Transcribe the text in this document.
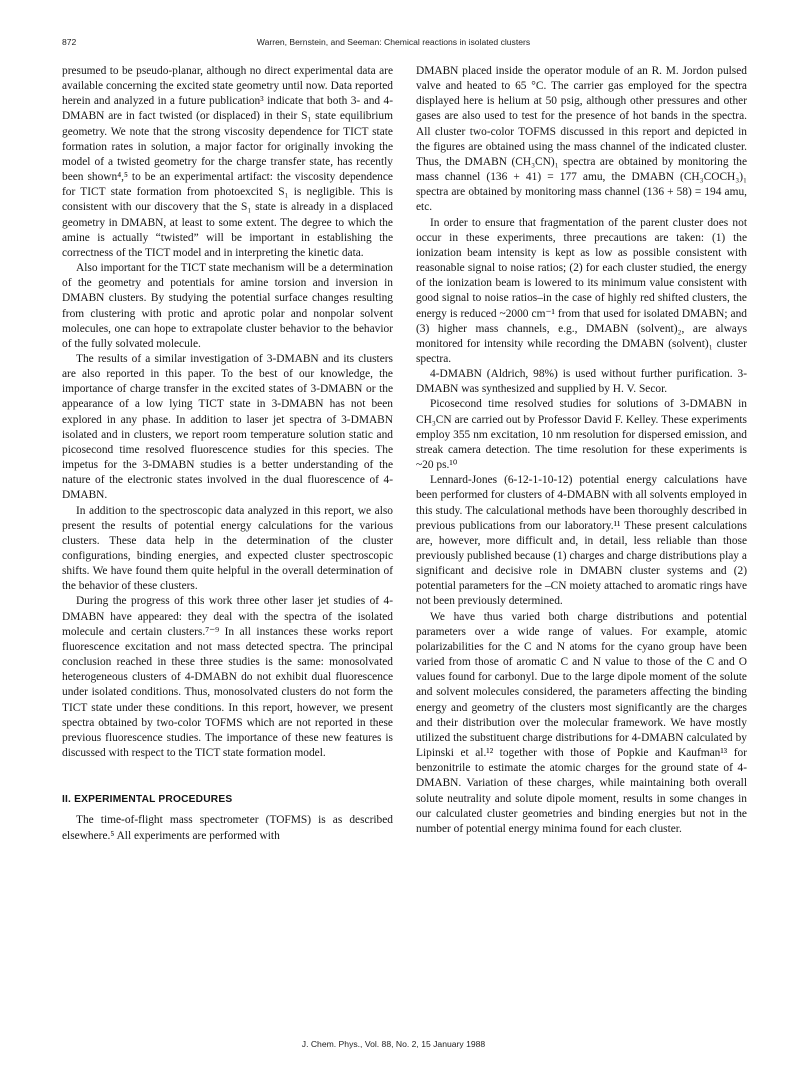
872	Warren, Bernstein, and Seeman: Chemical reactions in isolated clusters

presumed to be pseudo-planar, although no direct experimental data are available concerning the excited state geometry until now. Data reported herein and analyzed in a future publication³ indicate that both 3- and 4-DMABN are in fact twisted (or displaced) in their S₁ state equilibrium geometry. We note that the strong viscosity dependence for TICT state formation rates in solution, a major factor for originally invoking the model of a twisted geometry for the charge transfer state, has recently been shown⁴,⁵ to be an experimental artifact: the viscosity dependence for TICT state formation from photoexcited S₁ is negligible. This is consistent with our discovery that the S₁ state is already in a displaced geometry in DMABN, at least to some extent. The degree to which the amine is actually “twisted” will be important in establishing the correctness of the TICT model and in interpreting the kinetic data.

Also important for the TICT state mechanism will be a determination of the geometry and potentials for amine torsion and inversion in DMABN clusters. By studying the potential surface changes resulting from clustering with protic and aprotic polar and nonpolar solvent molecules, one can hope to extrapolate cluster behavior to the behavior of the fully solvated molecule.

The results of a similar investigation of 3-DMABN and its clusters are also reported in this paper. To the best of our knowledge, the importance of charge transfer in the excited states of 3-DMABN or the appearance of a low lying TICT state in 3-DMABN has not been explored in any phase. In addition to laser jet spectra of 3-DMABN isolated and in clusters, we report room temperature solution static and picosecond time resolved fluorescence studies for this species. The impetus for the 3-DMABN studies is a better understanding of the nature of the electronic states involved in the dual fluorescence of 4-DMABN.

In addition to the spectroscopic data analyzed in this report, we also present the results of potential energy calculations for the various clusters. These data help in the determination of the cluster configurations, binding energies, and expected cluster spectroscopic shifts. We have found them quite helpful in the overall determination of the behavior of these clusters.

During the progress of this work three other laser jet studies of 4-DMABN have appeared: they deal with the spectra of the isolated molecule and certain clusters.⁷⁻⁹ In all instances these works report fluorescence excitation and not mass detected spectra. The principal conclusion reached in these three studies is the same: monosolvated heterogeneous clusters of 4-DMABN do not exhibit dual fluorescence under isolated conditions. Thus, monosolvated clusters do not form the TICT state under these conditions. In this report, however, we present spectra obtained by two-color TOFMS which are not reported in these previous fluorescence studies. The importance of these new features is discussed with respect to the TICT state formation model.

II. EXPERIMENTAL PROCEDURES

The time-of-flight mass spectrometer (TOFMS) is as described elsewhere.⁵ All experiments are performed with

DMABN placed inside the operator module of an R. M. Jordon pulsed valve and heated to 65 °C. The carrier gas employed for the spectra displayed here is helium at 50 psig, although other pressures and other gases are also used to test for the presence of hot bands in the spectra. All cluster two-color TOFMS discussed in this report and depicted in the figures are obtained using the mass channel of the indicated cluster. Thus, the DMABN (CH₃CN)₁ spectra are obtained by monitoring the mass channel (136 + 41) = 177 amu, the DMABN (CH₃COCH₃)₁ spectra are obtained by monitoring mass channel (136 + 58) = 194 amu, etc.

In order to ensure that fragmentation of the parent cluster does not occur in these experiments, three precautions are taken: (1) the ionization beam intensity is kept as low as possible consistent with reasonable signal to noise ratios; (2) for each cluster studied, the energy of the ionization beam is lowered to its minimum value consistent with good signal to noise ratios–in the case of highly red shifted clusters, the energy is reduced ~2000 cm⁻¹ from that used for isolated DMABN; and (3) higher mass channels, e.g., DMABN (solvent)₂, are always monitored for intensity while recording the DMABN (solvent)₁ cluster spectra.

4-DMABN (Aldrich, 98%) is used without further purification. 3-DMABN was synthesized and supplied by H. V. Secor.

Picosecond time resolved studies for solutions of 3-DMABN in CH₃CN are carried out by Professor David F. Kelley. These experiments employ 355 nm excitation, 10 nm resolution for dispersed emission, and streak camera detection. The time resolution for these experiments is ~20 ps.¹⁰

Lennard-Jones (6-12-1-10-12) potential energy calculations have been performed for clusters of 4-DMABN with all solvents employed in this study. The calculational methods have been thoroughly described in previous publications from our laboratory.¹¹ These present calculations are, however, more difficult and, in detail, less reliable than those previously published because (1) charges and charge distributions play a significant and decisive role in DMABN cluster systems and (2) potential parameters for the –CN moiety attached to aromatic rings have not been previously determined.

We have thus varied both charge distributions and potential parameters over a wide range of values. For example, atomic polarizabilities for the C and N atoms for the cyano group have been varied from those of aromatic C and N value to those of the C and O values found for carbonyl. Due to the large dipole moment of the solute and solvent molecules considered, the parameters affecting the binding energy and geometry of the clusters most significantly are the charges and their distribution over the molecular framework. We have mostly utilized the substituent charge distributions for 4-DMABN calculated by Lipinski et al.¹² together with those of Popkie and Kaufman¹³ for benzonitrile to estimate the atomic charges for the ground state of 4-DMABN. Variation of these charges, while maintaining both overall solute neutrality and solute dipole moment, results in some changes in our calculated cluster geometries and binding energies but not in the number of potential energy minima found for each cluster.

J. Chem. Phys., Vol. 88, No. 2, 15 January 1988
